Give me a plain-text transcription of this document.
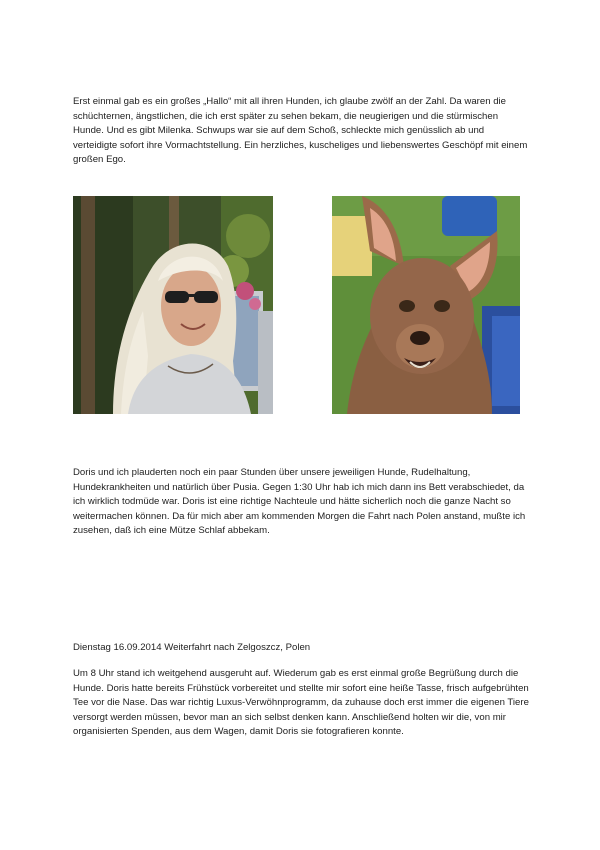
Erst einmal gab es ein großes „Hallo“ mit all ihren Hunden, ich glaube zwölf an der Zahl. Da waren die schüchternen, ängstlichen, die ich erst später zu sehen bekam, die neugierigen und die stürmischen Hunde. Und es gibt Milenka. Schwups war sie auf dem Schoß, schleckte mich genüsslich ab und verteidigte sofort ihre Vormachtstellung. Ein herzliches, kuscheliges und liebenswertes Geschöpf mit einem großen Ego.

Doris und ich plauderten noch ein paar Stunden über unsere jeweiligen Hunde, Rudelhaltung, Hundekrankheiten und natürlich über Pusia. Gegen 1:30 Uhr hab ich mich dann ins Bett verabschiedet, da ich wirklich todmüde war. Doris ist eine richtige Nachteule und hätte sicherlich noch die ganze Nacht so weitermachen können. Da für mich aber am kommenden Morgen die Fahrt nach Polen anstand, mußte ich zusehen, daß ich eine Mütze Schlaf abbekam.

Dienstag 16.09.2014 Weiterfahrt nach Zelgoszcz, Polen

Um 8 Uhr stand ich weitgehend ausgeruht auf. Wiederum gab es erst einmal große Begrüßung durch die Hunde. Doris hatte bereits Frühstück vorbereitet und stellte mir sofort eine heiße Tasse, frisch aufgebrühten Tee vor die Nase. Das war richtig Luxus-Verwöhnprogramm, da zuhause doch erst immer die eigenen Tiere versorgt werden müssen, bevor man an sich selbst denken kann. Anschließend holten wir die, von mir organisierten Spenden, aus dem Wagen, damit Doris sie fotografieren konnte.
